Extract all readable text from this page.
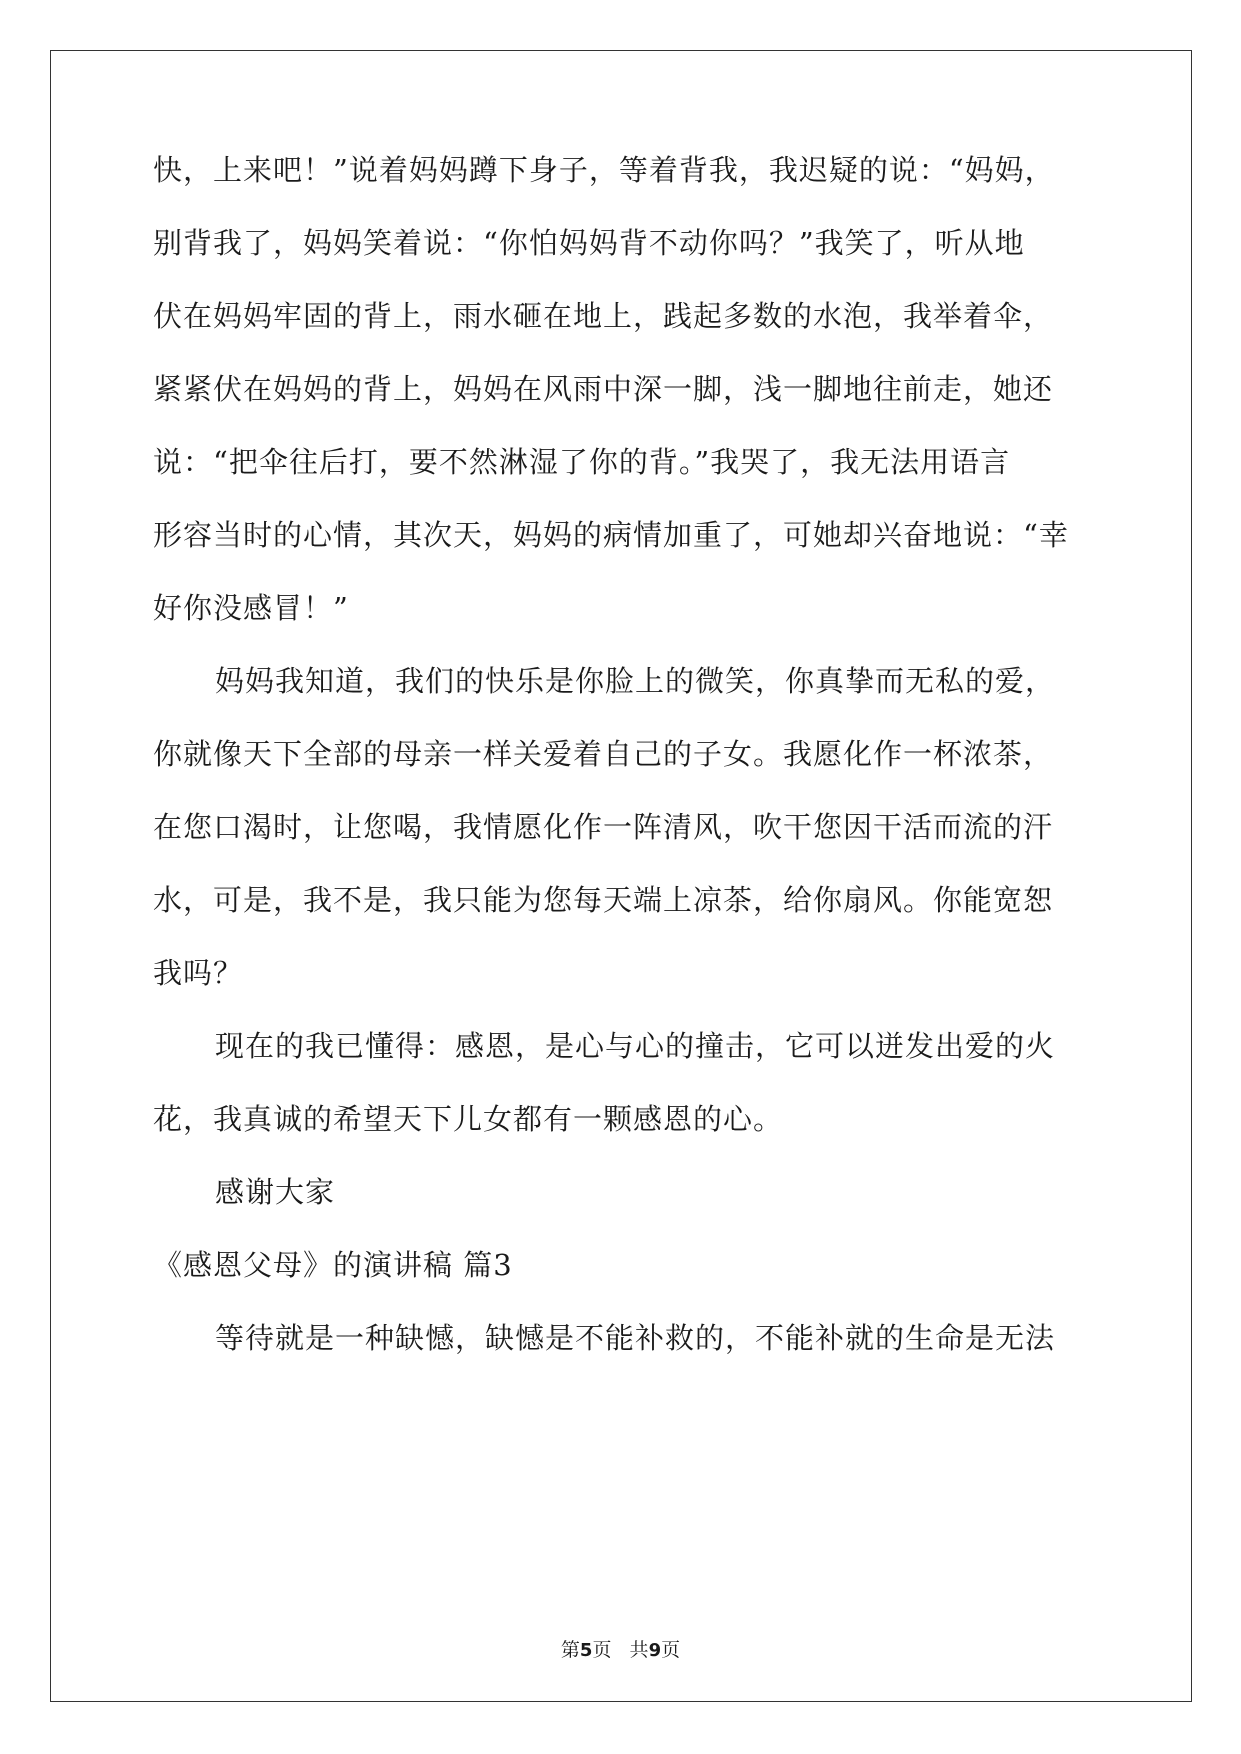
快，上来吧！”说着妈妈蹲下身子，等着背我，我迟疑的说：“妈妈，
别背我了，妈妈笑着说：“你怕妈妈背不动你吗？”我笑了，听从地
伏在妈妈牢固的背上，雨水砸在地上，践起多数的水泡，我举着伞，
紧紧伏在妈妈的背上，妈妈在风雨中深一脚，浅一脚地往前走，她还
说：“把伞往后打，要不然淋湿了你的背。”我哭了，我无法用语言
形容当时的心情，其次天，妈妈的病情加重了，可她却兴奋地说：“幸
好你没感冒！”
妈妈我知道，我们的快乐是你脸上的微笑，你真挚而无私的爱，
你就像天下全部的母亲一样关爱着自己的子女。我愿化作一杯浓茶，
在您口渴时，让您喝，我情愿化作一阵清风，吹干您因干活而流的汗
水，可是，我不是，我只能为您每天端上凉茶，给你扇风。你能宽恕
我吗？
现在的我已懂得：感恩，是心与心的撞击，它可以迸发出爱的火
花，我真诚的希望天下儿女都有一颗感恩的心。
感谢大家
《感恩父母》的演讲稿 篇3
等待就是一种缺憾，缺憾是不能补救的，不能补就的生命是无法
第5页   共9页
